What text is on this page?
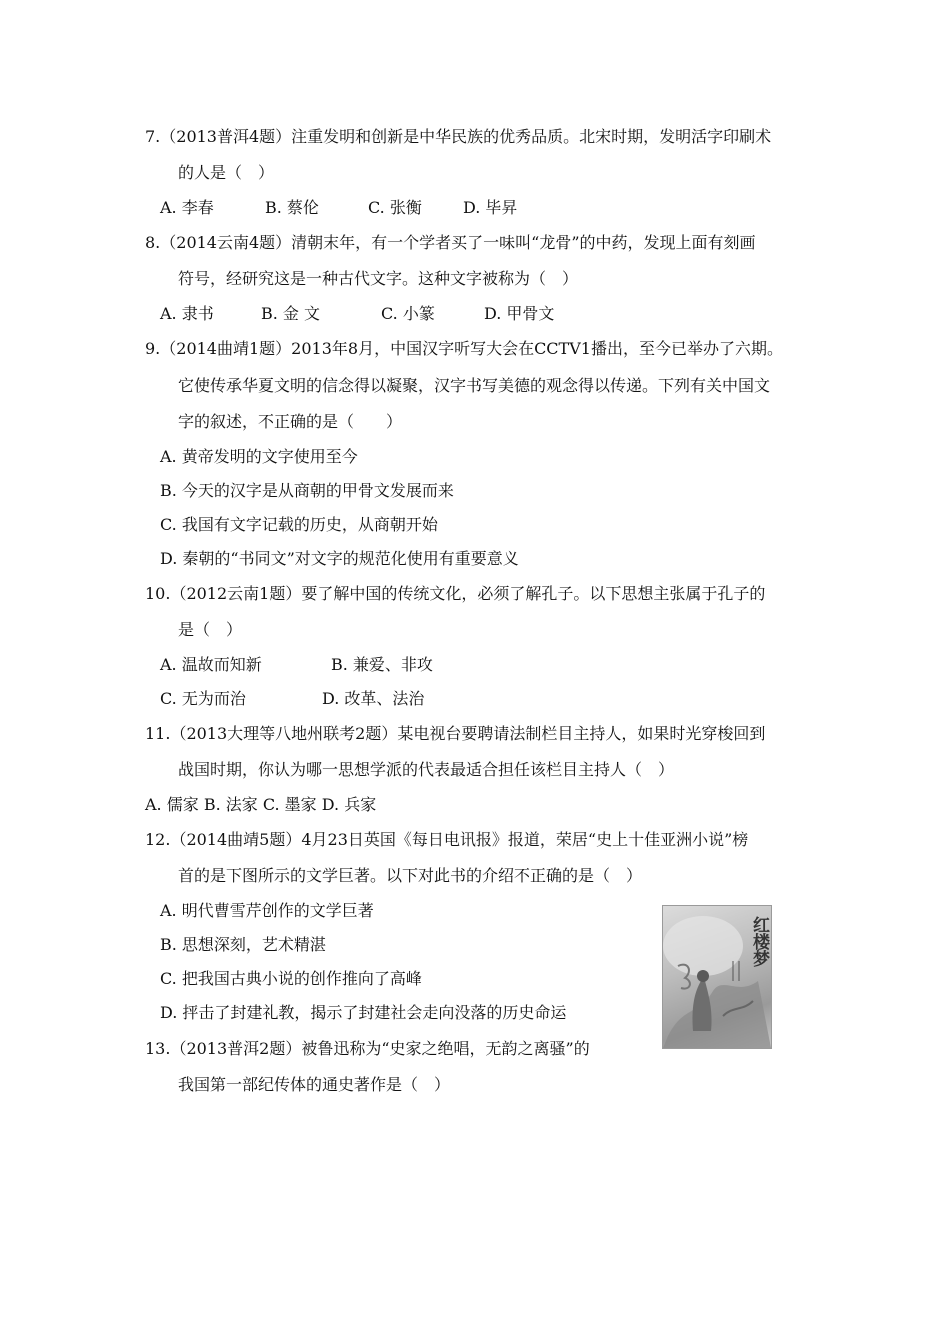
7.（2013普洱4题）注重发明和创新是中华民族的优秀品质。北宋时期，发明活字印刷术
的人是（　）
A. 李春	B. 蔡伦	C. 张衡	D. 毕昇
8.（2014云南4题）清朝末年，有一个学者买了一味叫“龙骨”的中药，发现上面有刻画
符号，经研究这是一种古代文字。这种文字被称为（　）
A. 隶书	B. 金 文	C. 小篆	D. 甲骨文
9.（2014曲靖1题）2013年8月，中国汉字听写大会在CCTV1播出，至今已举办了六期。
它使传承华夏文明的信念得以凝聚，汉字书写美德的观念得以传递。下列有关中国文
字的叙述，不正确的是（　　）
A. 黄帝发明的文字使用至今
B. 今天的汉字是从商朝的甲骨文发展而来
C. 我国有文字记载的历史，从商朝开始
D. 秦朝的“书同文”对文字的规范化使用有重要意义
10.（2012云南1题）要了解中国的传统文化，必须了解孔子。以下思想主张属于孔子的
是（　）
A. 温故而知新	B. 兼爱、非攻
C. 无为而治	D. 改革、法治
11.（2013大理等八地州联考2题）某电视台要聘请法制栏目主持人，如果时光穿梭回到
战国时期，你认为哪一思想学派的代表最适合担任该栏目主持人（　）
A. 儒家 B. 法家 C. 墨家 D. 兵家
12.（2014曲靖5题）4月23日英国《每日电讯报》报道，荣居“史上十佳亚洲小说”榜
首的是下图所示的文学巨著。以下对此书的介绍不正确的是（　）
A. 明代曹雪芹创作的文学巨著
B. 思想深刻，艺术精湛
C. 把我国古典小说的创作推向了高峰
D. 抨击了封建礼教，揭示了封建社会走向没落的历史命运
红楼梦
13.（2013普洱2题）被鲁迅称为“史家之绝唱，无韵之离骚”的
我国第一部纪传体的通史著作是（　）
